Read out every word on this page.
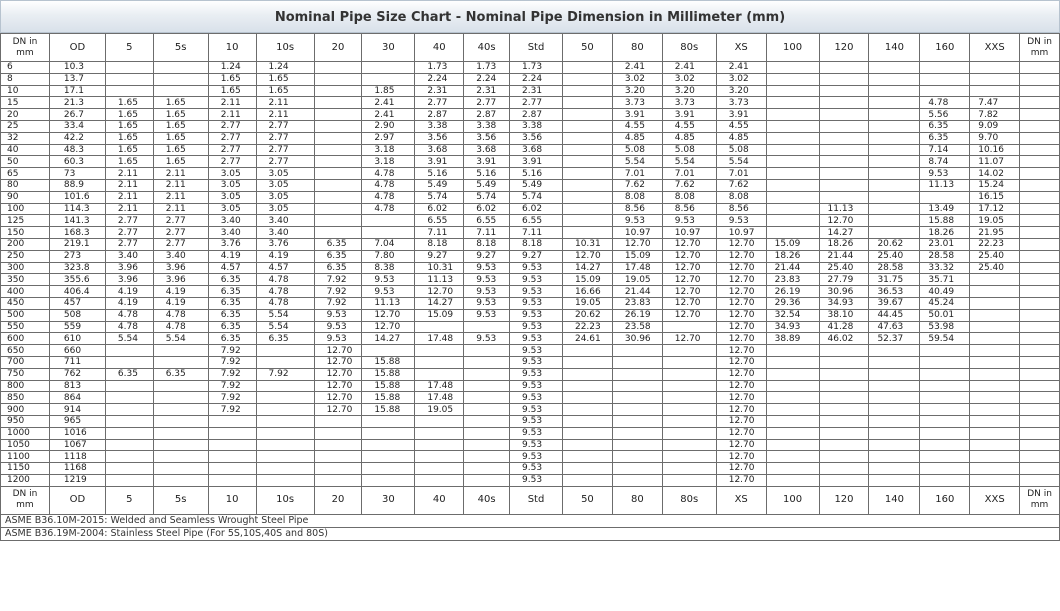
Nominal Pipe Size Chart - Nominal Pipe Dimension in Millimeter (mm)
DN in mm	OD	5	5s	10	10s	20	30	40	40s	Std	50	80	80s	XS	100	120	140	160	XXS	DN in mm
6	10.3			1.24	1.24			1.73	1.73	1.73		2.41	2.41	2.41						
8	13.7			1.65	1.65			2.24	2.24	2.24		3.02	3.02	3.02						
10	17.1			1.65	1.65		1.85	2.31	2.31	2.31		3.20	3.20	3.20						
15	21.3	1.65	1.65	2.11	2.11		2.41	2.77	2.77	2.77		3.73	3.73	3.73				4.78	7.47	
20	26.7	1.65	1.65	2.11	2.11		2.41	2.87	2.87	2.87		3.91	3.91	3.91				5.56	7.82	
25	33.4	1.65	1.65	2.77	2.77		2.90	3.38	3.38	3.38		4.55	4.55	4.55				6.35	9.09	
32	42.2	1.65	1.65	2.77	2.77		2.97	3.56	3.56	3.56		4.85	4.85	4.85				6.35	9.70	
40	48.3	1.65	1.65	2.77	2.77		3.18	3.68	3.68	3.68		5.08	5.08	5.08				7.14	10.16	
50	60.3	1.65	1.65	2.77	2.77		3.18	3.91	3.91	3.91		5.54	5.54	5.54				8.74	11.07	
65	73	2.11	2.11	3.05	3.05		4.78	5.16	5.16	5.16		7.01	7.01	7.01				9.53	14.02	
80	88.9	2.11	2.11	3.05	3.05		4.78	5.49	5.49	5.49		7.62	7.62	7.62				11.13	15.24	
90	101.6	2.11	2.11	3.05	3.05		4.78	5.74	5.74	5.74		8.08	8.08	8.08					16.15	
100	114.3	2.11	2.11	3.05	3.05		4.78	6.02	6.02	6.02		8.56	8.56	8.56		11.13		13.49	17.12	
125	141.3	2.77	2.77	3.40	3.40			6.55	6.55	6.55		9.53	9.53	9.53		12.70		15.88	19.05	
150	168.3	2.77	2.77	3.40	3.40			7.11	7.11	7.11		10.97	10.97	10.97		14.27		18.26	21.95	
200	219.1	2.77	2.77	3.76	3.76	6.35	7.04	8.18	8.18	8.18	10.31	12.70	12.70	12.70	15.09	18.26	20.62	23.01	22.23	
250	273	3.40	3.40	4.19	4.19	6.35	7.80	9.27	9.27	9.27	12.70	15.09	12.70	12.70	18.26	21.44	25.40	28.58	25.40	
300	323.8	3.96	3.96	4.57	4.57	6.35	8.38	10.31	9.53	9.53	14.27	17.48	12.70	12.70	21.44	25.40	28.58	33.32	25.40	
350	355.6	3.96	3.96	6.35	4.78	7.92	9.53	11.13	9.53	9.53	15.09	19.05	12.70	12.70	23.83	27.79	31.75	35.71		
400	406.4	4.19	4.19	6.35	4.78	7.92	9.53	12.70	9.53	9.53	16.66	21.44	12.70	12.70	26.19	30.96	36.53	40.49		
450	457	4.19	4.19	6.35	4.78	7.92	11.13	14.27	9.53	9.53	19.05	23.83	12.70	12.70	29.36	34.93	39.67	45.24		
500	508	4.78	4.78	6.35	5.54	9.53	12.70	15.09	9.53	9.53	20.62	26.19	12.70	12.70	32.54	38.10	44.45	50.01		
550	559	4.78	4.78	6.35	5.54	9.53	12.70			9.53	22.23	23.58		12.70	34.93	41.28	47.63	53.98		
600	610	5.54	5.54	6.35	6.35	9.53	14.27	17.48	9.53	9.53	24.61	30.96	12.70	12.70	38.89	46.02	52.37	59.54		
650	660			7.92		12.70				9.53				12.70						
700	711			7.92		12.70	15.88			9.53				12.70						
750	762	6.35	6.35	7.92	7.92	12.70	15.88			9.53				12.70						
800	813			7.92		12.70	15.88	17.48		9.53				12.70						
850	864			7.92		12.70	15.88	17.48		9.53				12.70						
900	914			7.92		12.70	15.88	19.05		9.53				12.70						
950	965									9.53				12.70						
1000	1016									9.53				12.70						
1050	1067									9.53				12.70						
1100	1118									9.53				12.70						
1150	1168									9.53				12.70						
1200	1219									9.53				12.70						
DN in mm	OD	5	5s	10	10s	20	30	40	40s	Std	50	80	80s	XS	100	120	140	160	XXS	DN in mm
ASME B36.10M-2015: Welded and Seamless Wrought Steel Pipe
ASME B36.19M-2004: Stainless Steel Pipe (For 5S,10S,40S and 80S)
